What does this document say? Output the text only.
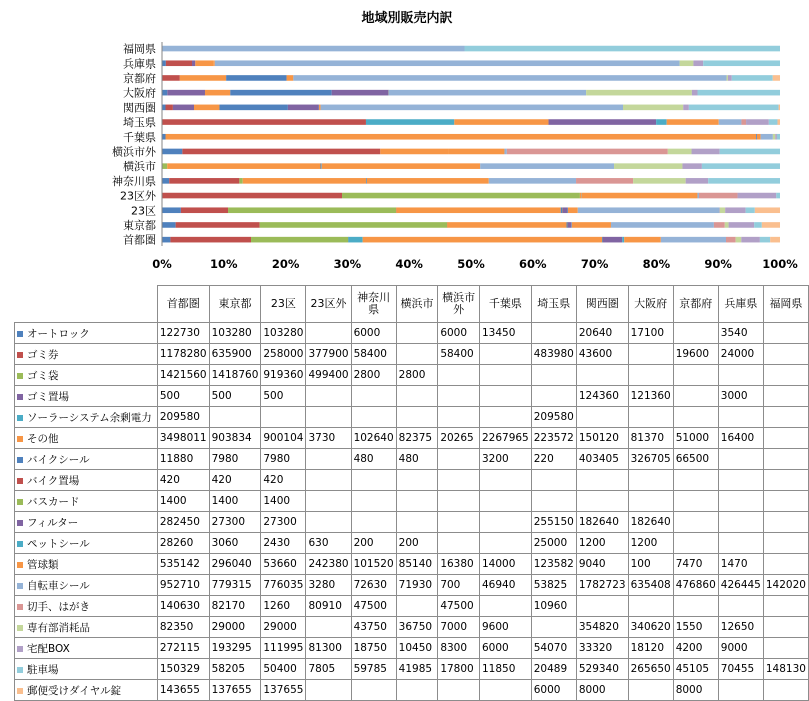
地域別販売内訳
首都圏
東京都
23区
23区外
神奈川県
横浜市
横浜市外
千葉県
埼玉県
関西圏
大阪府
京都府
兵庫県
福岡県
0%	10%	20%	30%	40%	50%	60%	70%	80%	90%	100%
	首都圏	東京都	23区	23区外	神奈川県	横浜市	横浜市外	千葉県	埼玉県	関西圏	大阪府	京都府	兵庫県	福岡県
オートロック	122730	103280	103280		6000		6000	13450		20640	17100		3540	
ゴミ券	1178280	635900	258000	377900	58400		58400		483980	43600		19600	24000	
ゴミ袋	1421560	1418760	919360	499400	2800	2800								
ゴミ置場	500	500	500							124360	121360		3000	
ソーラーシステム余剰電力	209580								209580					
その他	3498011	903834	900104	3730	102640	82375	20265	2267965	223572	150120	81370	51000	16400	
バイクシール	11880	7980	7980		480	480		3200	220	403405	326705	66500		
バイク置場	420	420	420											
バスカード	1400	1400	1400											
フィルター	282450	27300	27300						255150	182640	182640			
ペットシール	28260	3060	2430	630	200	200			25000	1200	1200			
管球類	535142	296040	53660	242380	101520	85140	16380	14000	123582	9040	100	7470	1470	
自転車シール	952710	779315	776035	3280	72630	71930	700	46940	53825	1782723	635408	476860	426445	142020
切手、はがき	140630	82170	1260	80910	47500		47500		10960					
専有部消耗品	82350	29000	29000		43750	36750	7000	9600		354820	340620	1550	12650	
宅配BOX	272115	193295	111995	81300	18750	10450	8300	6000	54070	33320	18120	4200	9000	
駐車場	150329	58205	50400	7805	59785	41985	17800	11850	20489	529340	265650	45105	70455	148130
郵便受けダイヤル錠	143655	137655	137655						6000	8000		8000		
